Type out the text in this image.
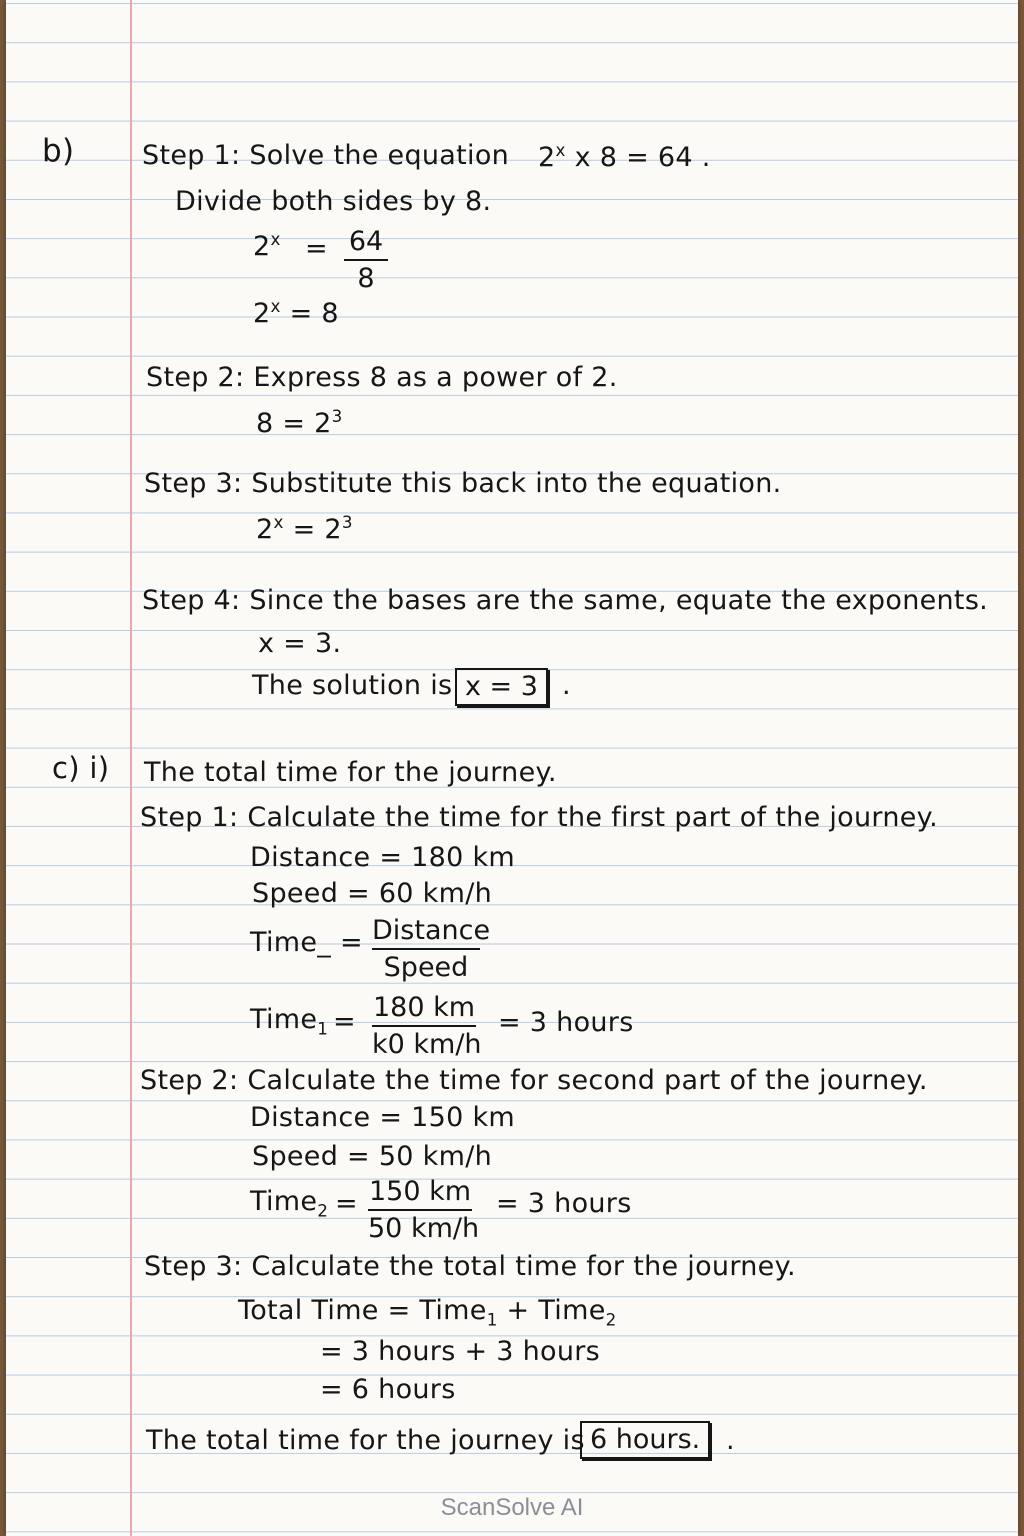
b)	Step 1: Solve the equation 2$^x$ x 8 = 64 .
Divide both sides by 8.
$2^x = 64$
8
$2^x = 8$
Step 2: Express 8 as a power of 2.
$8 = 2^3$
Step 3: Substitute this back into the equation.
$2^x = 2^3$
Step 4: Since the bases are the same, equate the exponents.
x = 3.
The solution is x = 3 .
c) i) The total time for the journey.
Step 1: Calculate the time for the first part of the journey.
Distance = 180 km
Speed = 60 km/h
Time_ = Distance
Speed
Time$_1$ = 180 km
k0 km/h
= 3 hours
Step 2: Calculate the time for second part of the journey.
Distance = 150 km
Speed = 50 km/h
Time$_2$ = 150 km
50 km/h
= 3 hours
Step 3: Calculate the total time for the journey.
Total Time = Time$_1$ + Time$_2$
= 3 hours + 3 hours
= 6 hours
The total time for the journey is 6 hours. .
ScanSolve AI
